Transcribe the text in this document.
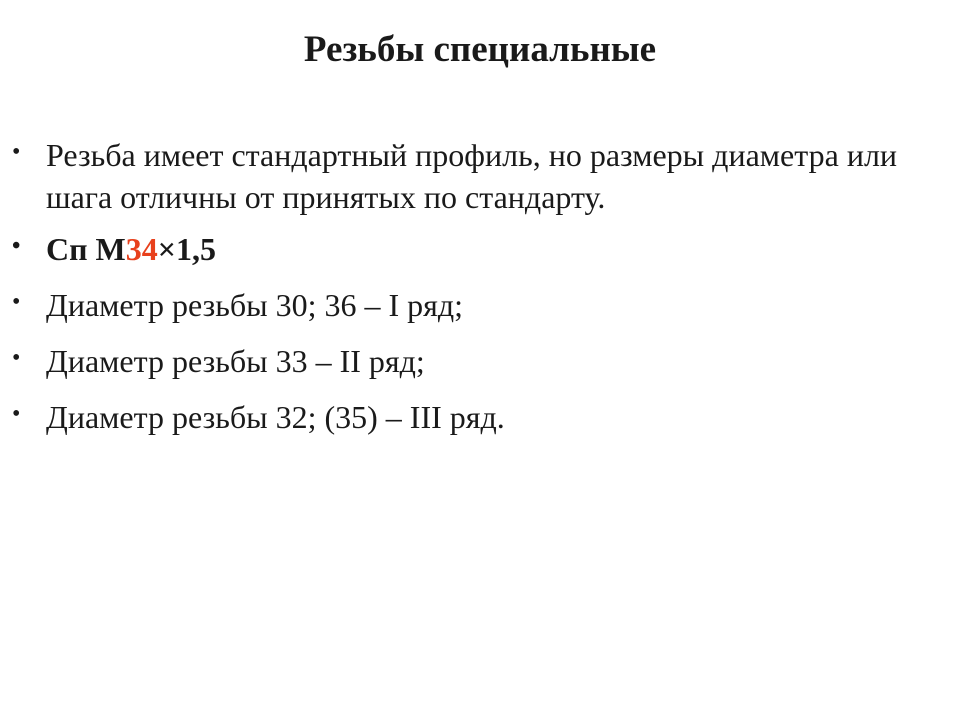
Резьбы специальные
• Резьба имеет стандартный профиль, но размеры диаметра или шага отличны от принятых по стандарту.
• Сп М34×1,5
• Диаметр резьбы 30; 36 – I ряд;
• Диаметр резьбы 33 – II ряд;
• Диаметр резьбы 32; (35) – III ряд.
